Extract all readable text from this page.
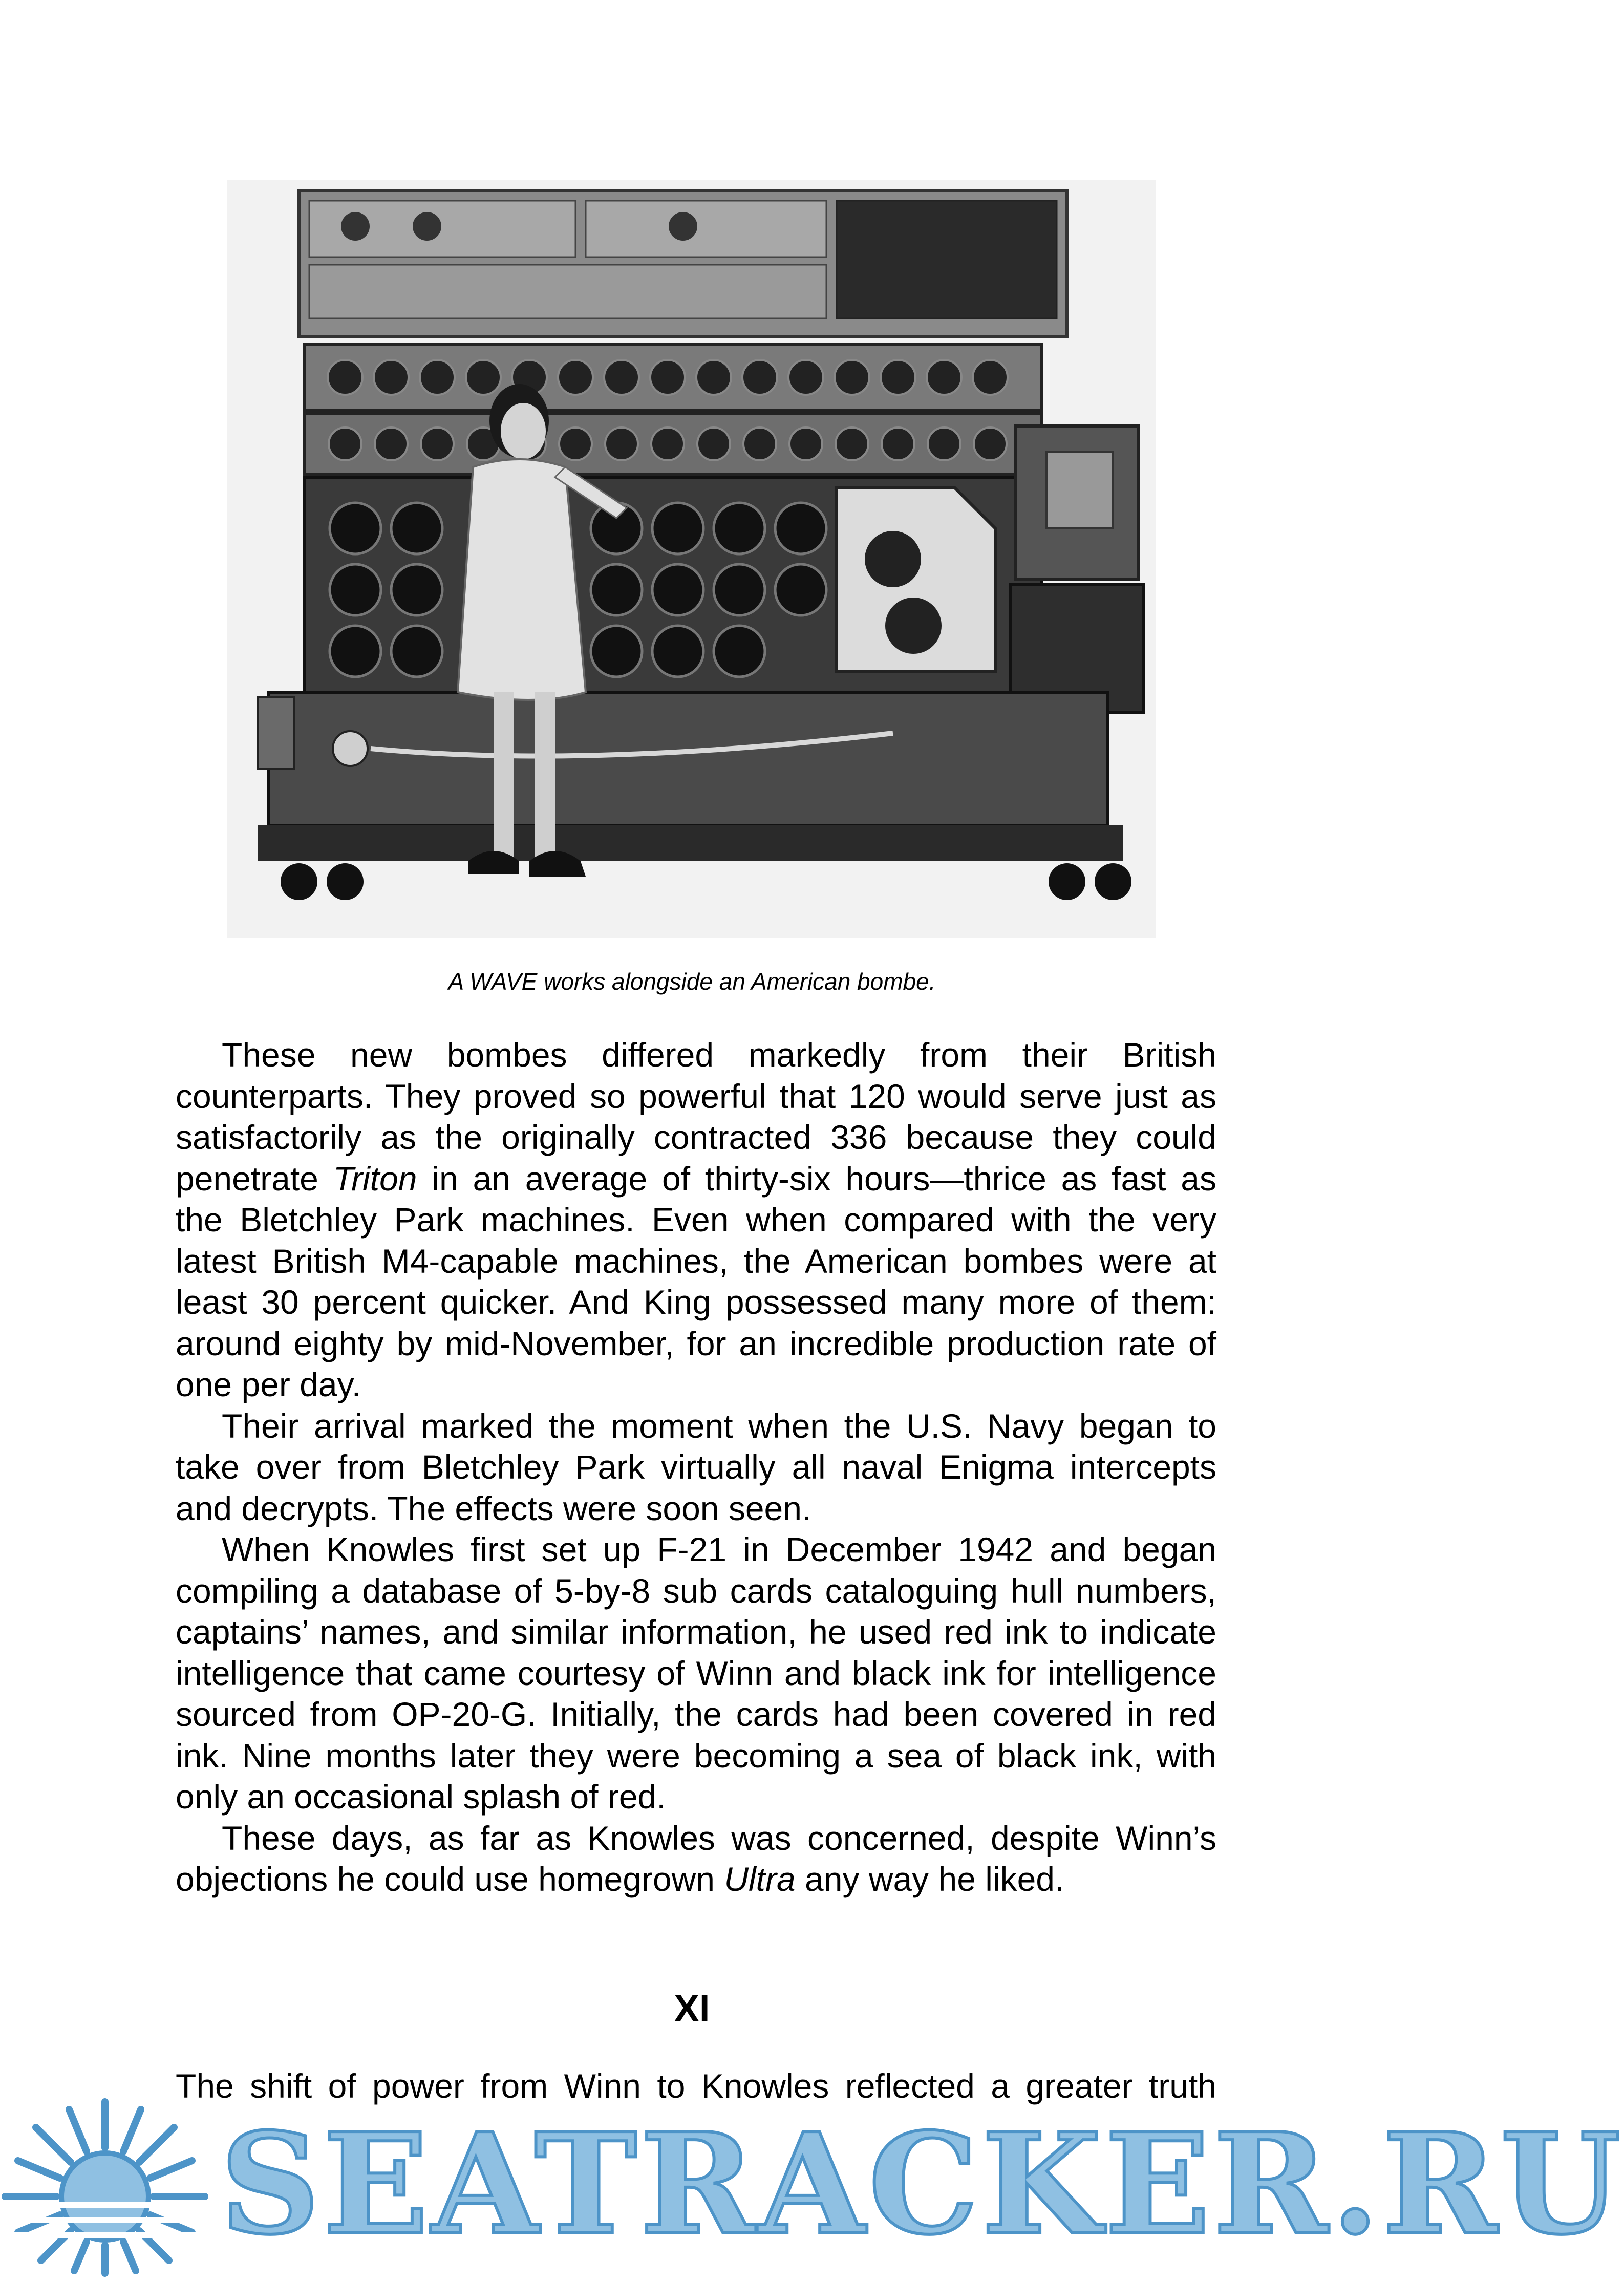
A WAVE works alongside an American bombe.

These new bombes differed markedly from their British counterparts. They proved so powerful that 120 would serve just as satisfactorily as the originally contracted 336 because they could penetrate Triton in an average of thirty-six hours—thrice as fast as the Bletchley Park machines. Even when compared with the very latest British M4-capable machines, the American bombes were at least 30 percent quicker. And King possessed many more of them: around eighty by mid-November, for an incredible production rate of one per day.

Their arrival marked the moment when the U.S. Navy began to take over from Bletchley Park virtually all naval Enigma intercepts and decrypts. The effects were soon seen.

When Knowles first set up F-21 in December 1942 and began compiling a database of 5-by-8 sub cards cataloguing hull numbers, captains’ names, and similar information, he used red ink to indicate intelligence that came courtesy of Winn and black ink for intelligence sourced from OP-20-G. Initially, the cards had been covered in red ink. Nine months later they were becoming a sea of black ink, with only an occasional splash of red.

These days, as far as Knowles was concerned, despite Winn’s objections he could use homegrown Ultra any way he liked.

XI
The shift of power from Winn to Knowles reflected a greater truth
SEATRACKER.RU
